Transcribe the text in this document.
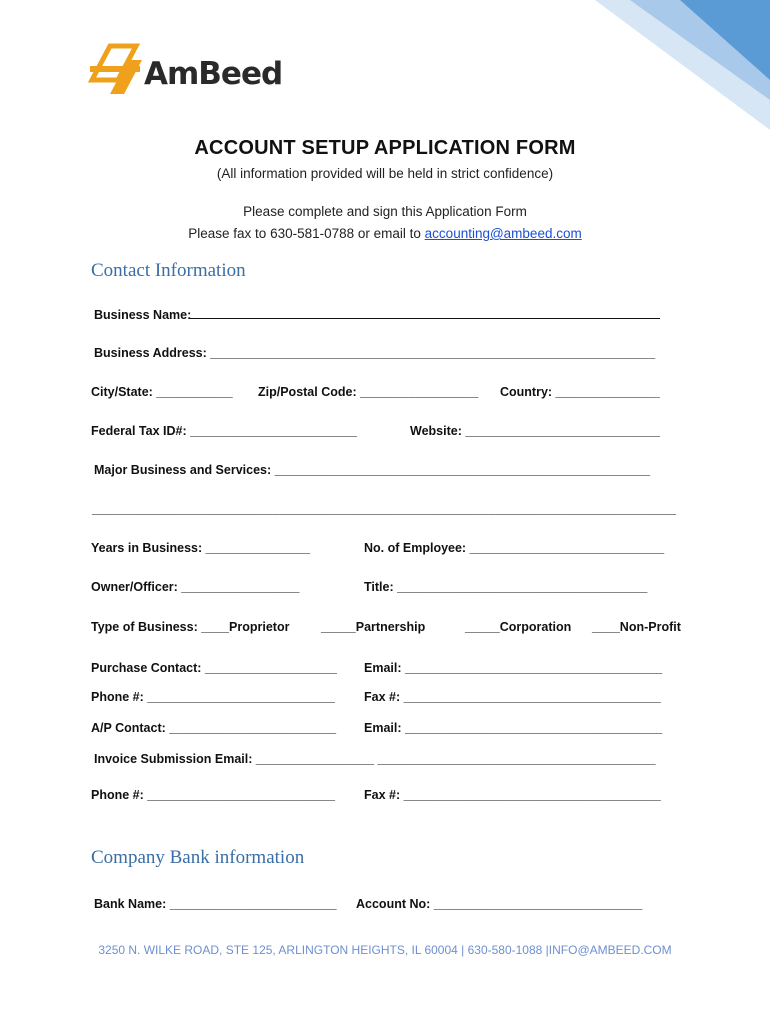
AmBeed
ACCOUNT SETUP APPLICATION FORM
(All information provided will be held in strict confidence)
Please complete and sign this Application Form
Please fax to 630-581-0788 or email to accounting@ambeed.com
Contact Information
Business Name:
Business Address: ________________________________________________________________
City/State: ___________ Zip/Postal Code: _________________ Country: _______________
Federal Tax ID#: ________________________	Website: ____________________________
Major Business and Services: ______________________________________________________
____________________________________________________________________________________
Years in Business: _______________	No. of Employee: ____________________________
Owner/Officer: _________________	Title: ____________________________________
Type of Business: ____Proprietor	_____Partnership	_____Corporation ____Non-Profit
Purchase Contact: ___________________ Email: _____________________________________
Phone #: ___________________________ Fax #: _____________________________________
A/P Contact: ________________________ Email: _____________________________________
Invoice Submission Email: _________________ ________________________________________
Phone #: ___________________________ Fax #: _____________________________________
Company Bank information
Bank Name: ________________________ Account No: ______________________________
3250 N. WILKE ROAD, STE 125, ARLINGTON HEIGHTS, IL 60004 | 630-580-1088 |INFO@AMBEED.COM
